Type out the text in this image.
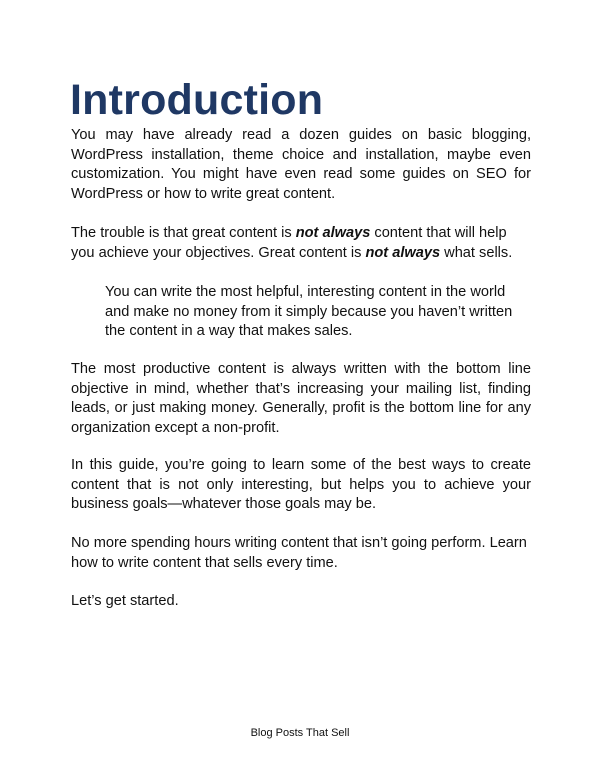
Introduction

You may have already read a dozen guides on basic blogging, WordPress installation, theme choice and installation, maybe even customization. You might have even read some guides on SEO for WordPress or how to write great content.

The trouble is that great content is not always content that will help you achieve your objectives. Great content is not always what sells.

You can write the most helpful, interesting content in the world and make no money from it simply because you haven’t written the content in a way that makes sales.

The most productive content is always written with the bottom line objective in mind, whether that’s increasing your mailing list, finding leads, or just making money. Generally, profit is the bottom line for any organization except a non-profit.

In this guide, you’re going to learn some of the best ways to create content that is not only interesting, but helps you to achieve your business goals—whatever those goals may be.

No more spending hours writing content that isn’t going perform. Learn how to write content that sells every time.

Let’s get started.

Blog Posts That Sell
